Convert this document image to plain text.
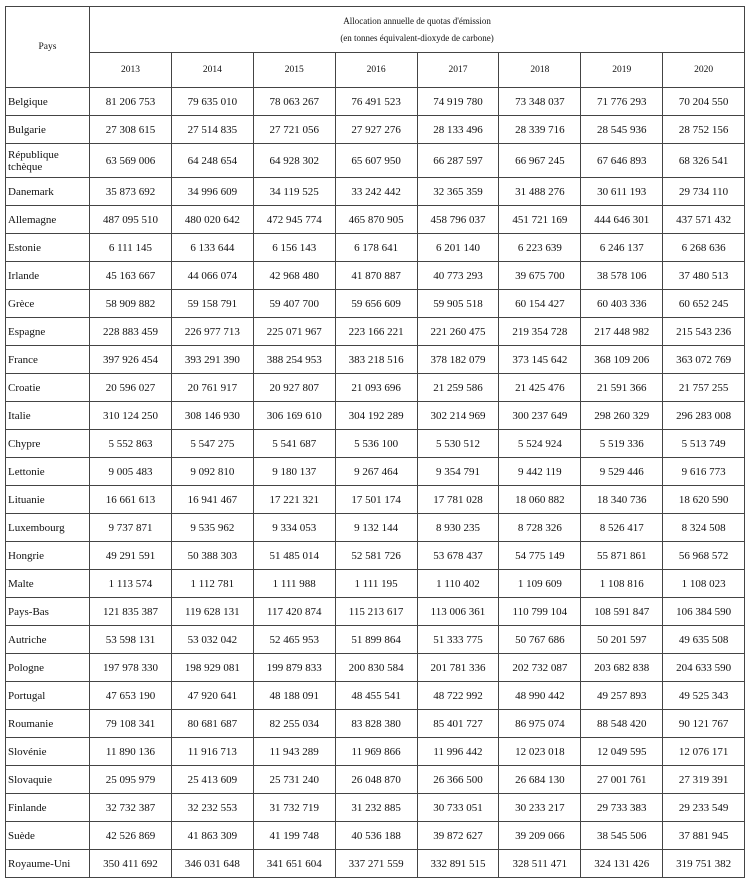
Pays	Allocation annuelle de quotas d'émission
(en tonnes équivalent-dioxyde de carbone)							

	2013	2014	2015	2016	2017	2018	2019	2020
Belgique	81 206 753	79 635 010	78 063 267	76 491 523	74 919 780	73 348 037	71 776 293	70 204 550
Bulgarie	27 308 615	27 514 835	27 721 056	27 927 276	28 133 496	28 339 716	28 545 936	28 752 156
République tchèque	63 569 006	64 248 654	64 928 302	65 607 950	66 287 597	66 967 245	67 646 893	68 326 541
Danemark	35 873 692	34 996 609	34 119 525	33 242 442	32 365 359	31 488 276	30 611 193	29 734 110
Allemagne	487 095 510	480 020 642	472 945 774	465 870 905	458 796 037	451 721 169	444 646 301	437 571 432
Estonie	6 111 145	6 133 644	6 156 143	6 178 641	6 201 140	6 223 639	6 246 137	6 268 636
Irlande	45 163 667	44 066 074	42 968 480	41 870 887	40 773 293	39 675 700	38 578 106	37 480 513
Grèce	58 909 882	59 158 791	59 407 700	59 656 609	59 905 518	60 154 427	60 403 336	60 652 245
Espagne	228 883 459	226 977 713	225 071 967	223 166 221	221 260 475	219 354 728	217 448 982	215 543 236
France	397 926 454	393 291 390	388 254 953	383 218 516	378 182 079	373 145 642	368 109 206	363 072 769
Croatie	20 596 027	20 761 917	20 927 807	21 093 696	21 259 586	21 425 476	21 591 366	21 757 255
Italie	310 124 250	308 146 930	306 169 610	304 192 289	302 214 969	300 237 649	298 260 329	296 283 008
Chypre	5 552 863	5 547 275	5 541 687	5 536 100	5 530 512	5 524 924	5 519 336	5 513 749
Lettonie	9 005 483	9 092 810	9 180 137	9 267 464	9 354 791	9 442 119	9 529 446	9 616 773
Lituanie	16 661 613	16 941 467	17 221 321	17 501 174	17 781 028	18 060 882	18 340 736	18 620 590
Luxembourg	9 737 871	9 535 962	9 334 053	9 132 144	8 930 235	8 728 326	8 526 417	8 324 508
Hongrie	49 291 591	50 388 303	51 485 014	52 581 726	53 678 437	54 775 149	55 871 861	56 968 572
Malte	1 113 574	1 112 781	1 111 988	1 111 195	1 110 402	1 109 609	1 108 816	1 108 023
Pays-Bas	121 835 387	119 628 131	117 420 874	115 213 617	113 006 361	110 799 104	108 591 847	106 384 590
Autriche	53 598 131	53 032 042	52 465 953	51 899 864	51 333 775	50 767 686	50 201 597	49 635 508
Pologne	197 978 330	198 929 081	199 879 833	200 830 584	201 781 336	202 732 087	203 682 838	204 633 590
Portugal	47 653 190	47 920 641	48 188 091	48 455 541	48 722 992	48 990 442	49 257 893	49 525 343
Roumanie	79 108 341	80 681 687	82 255 034	83 828 380	85 401 727	86 975 074	88 548 420	90 121 767
Slovénie	11 890 136	11 916 713	11 943 289	11 969 866	11 996 442	12 023 018	12 049 595	12 076 171
Slovaquie	25 095 979	25 413 609	25 731 240	26 048 870	26 366 500	26 684 130	27 001 761	27 319 391
Finlande	32 732 387	32 232 553	31 732 719	31 232 885	30 733 051	30 233 217	29 733 383	29 233 549
Suède	42 526 869	41 863 309	41 199 748	40 536 188	39 872 627	39 209 066	38 545 506	37 881 945
Royaume-Uni	350 411 692	346 031 648	341 651 604	337 271 559	332 891 515	328 511 471	324 131 426	319 751 382
